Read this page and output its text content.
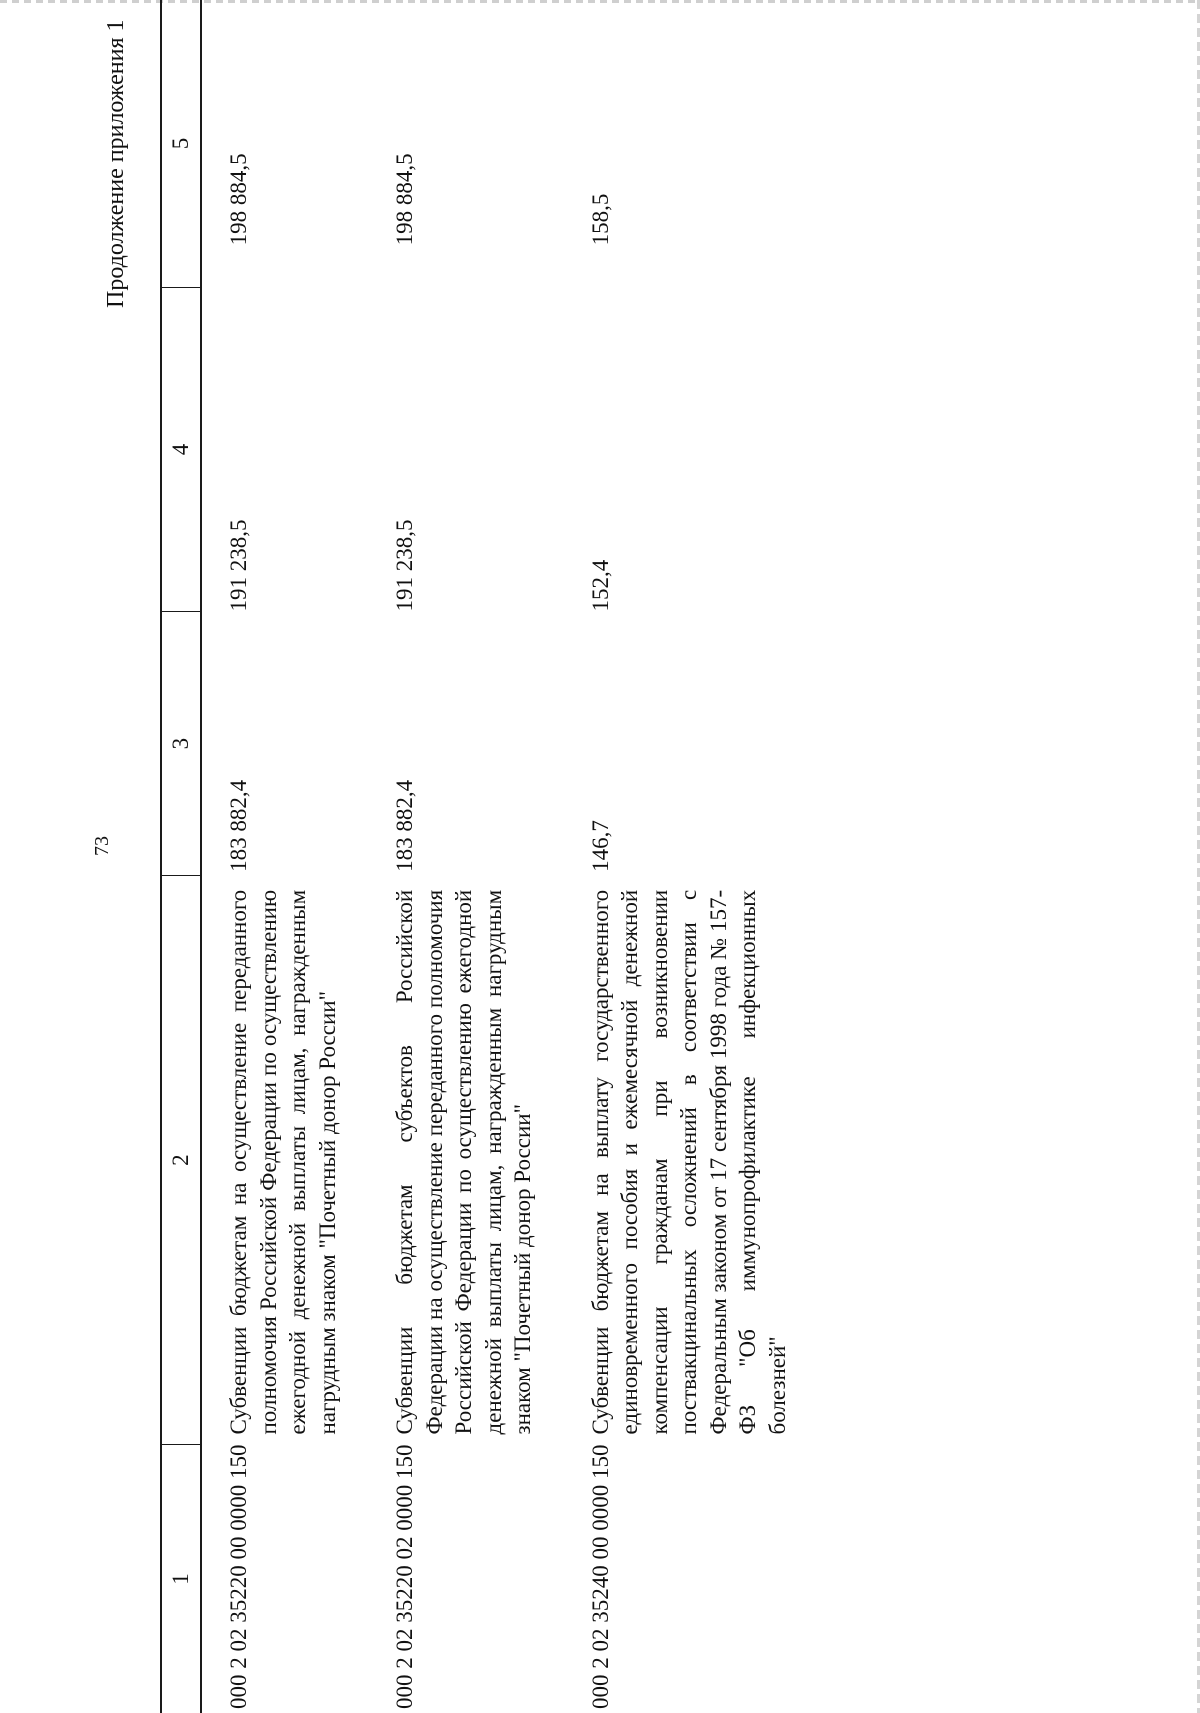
73
Продолжение приложения 1
1	2	3	4	5
000 2 02 35220 00 0000 150	Субвенции бюджетам на осуществление переданного полномочия Российской Федерации по осуществлению ежегодной денежной выплаты лицам, награжденным нагрудным знаком "Почетный донор России"	183 882,4	191 238,5	198 884,5
000 2 02 35220 02 0000 150	Субвенции бюджетам субъектов Российской Федерации на осуществление переданного полномочия Российской Федерации по осуществлению ежегодной денежной выплаты лицам, награжденным нагрудным знаком "Почетный донор России"	183 882,4	191 238,5	198 884,5
000 2 02 35240 00 0000 150	Субвенции бюджетам на выплату государственного единовременного пособия и ежемесячной денежной компенсации гражданам при возникновении поствакцинальных осложнений в соответствии с Федеральным законом от 17 сентября 1998 года № 157-ФЗ "Об иммунопрофилактике инфекционных болезней"	146,7	152,4	158,5
